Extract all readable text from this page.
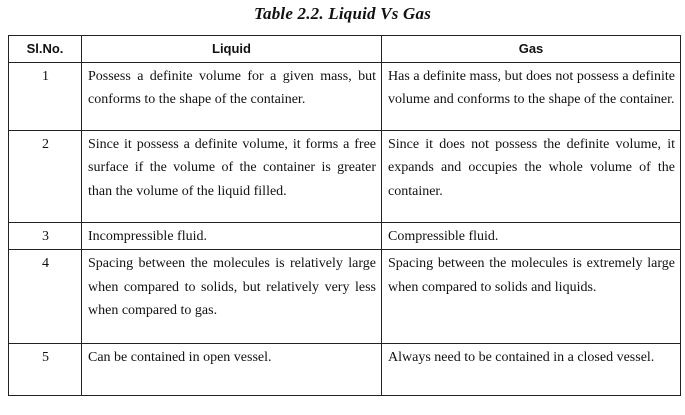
Table 2.2. Liquid Vs Gas
Sl.No.	Liquid	Gas
1	Possess a definite volume for a given mass, but conforms to the shape of the container.	Has a definite mass, but does not possess a definite volume and conforms to the shape of the container.
2	Since it possess a definite volume, it forms a free surface if the volume of the container is greater than the volume of the liquid filled.	Since it does not possess the definite volume, it expands and occupies the whole volume of the container.
3	Incompressible fluid.	Compressible fluid.
4	Spacing between the molecules is relatively large when compared to solids, but relatively very less when compared to gas.	Spacing between the molecules is extremely large when compared to solids and liquids.
5	Can be contained in open vessel.	Always need to be contained in a closed vessel.
